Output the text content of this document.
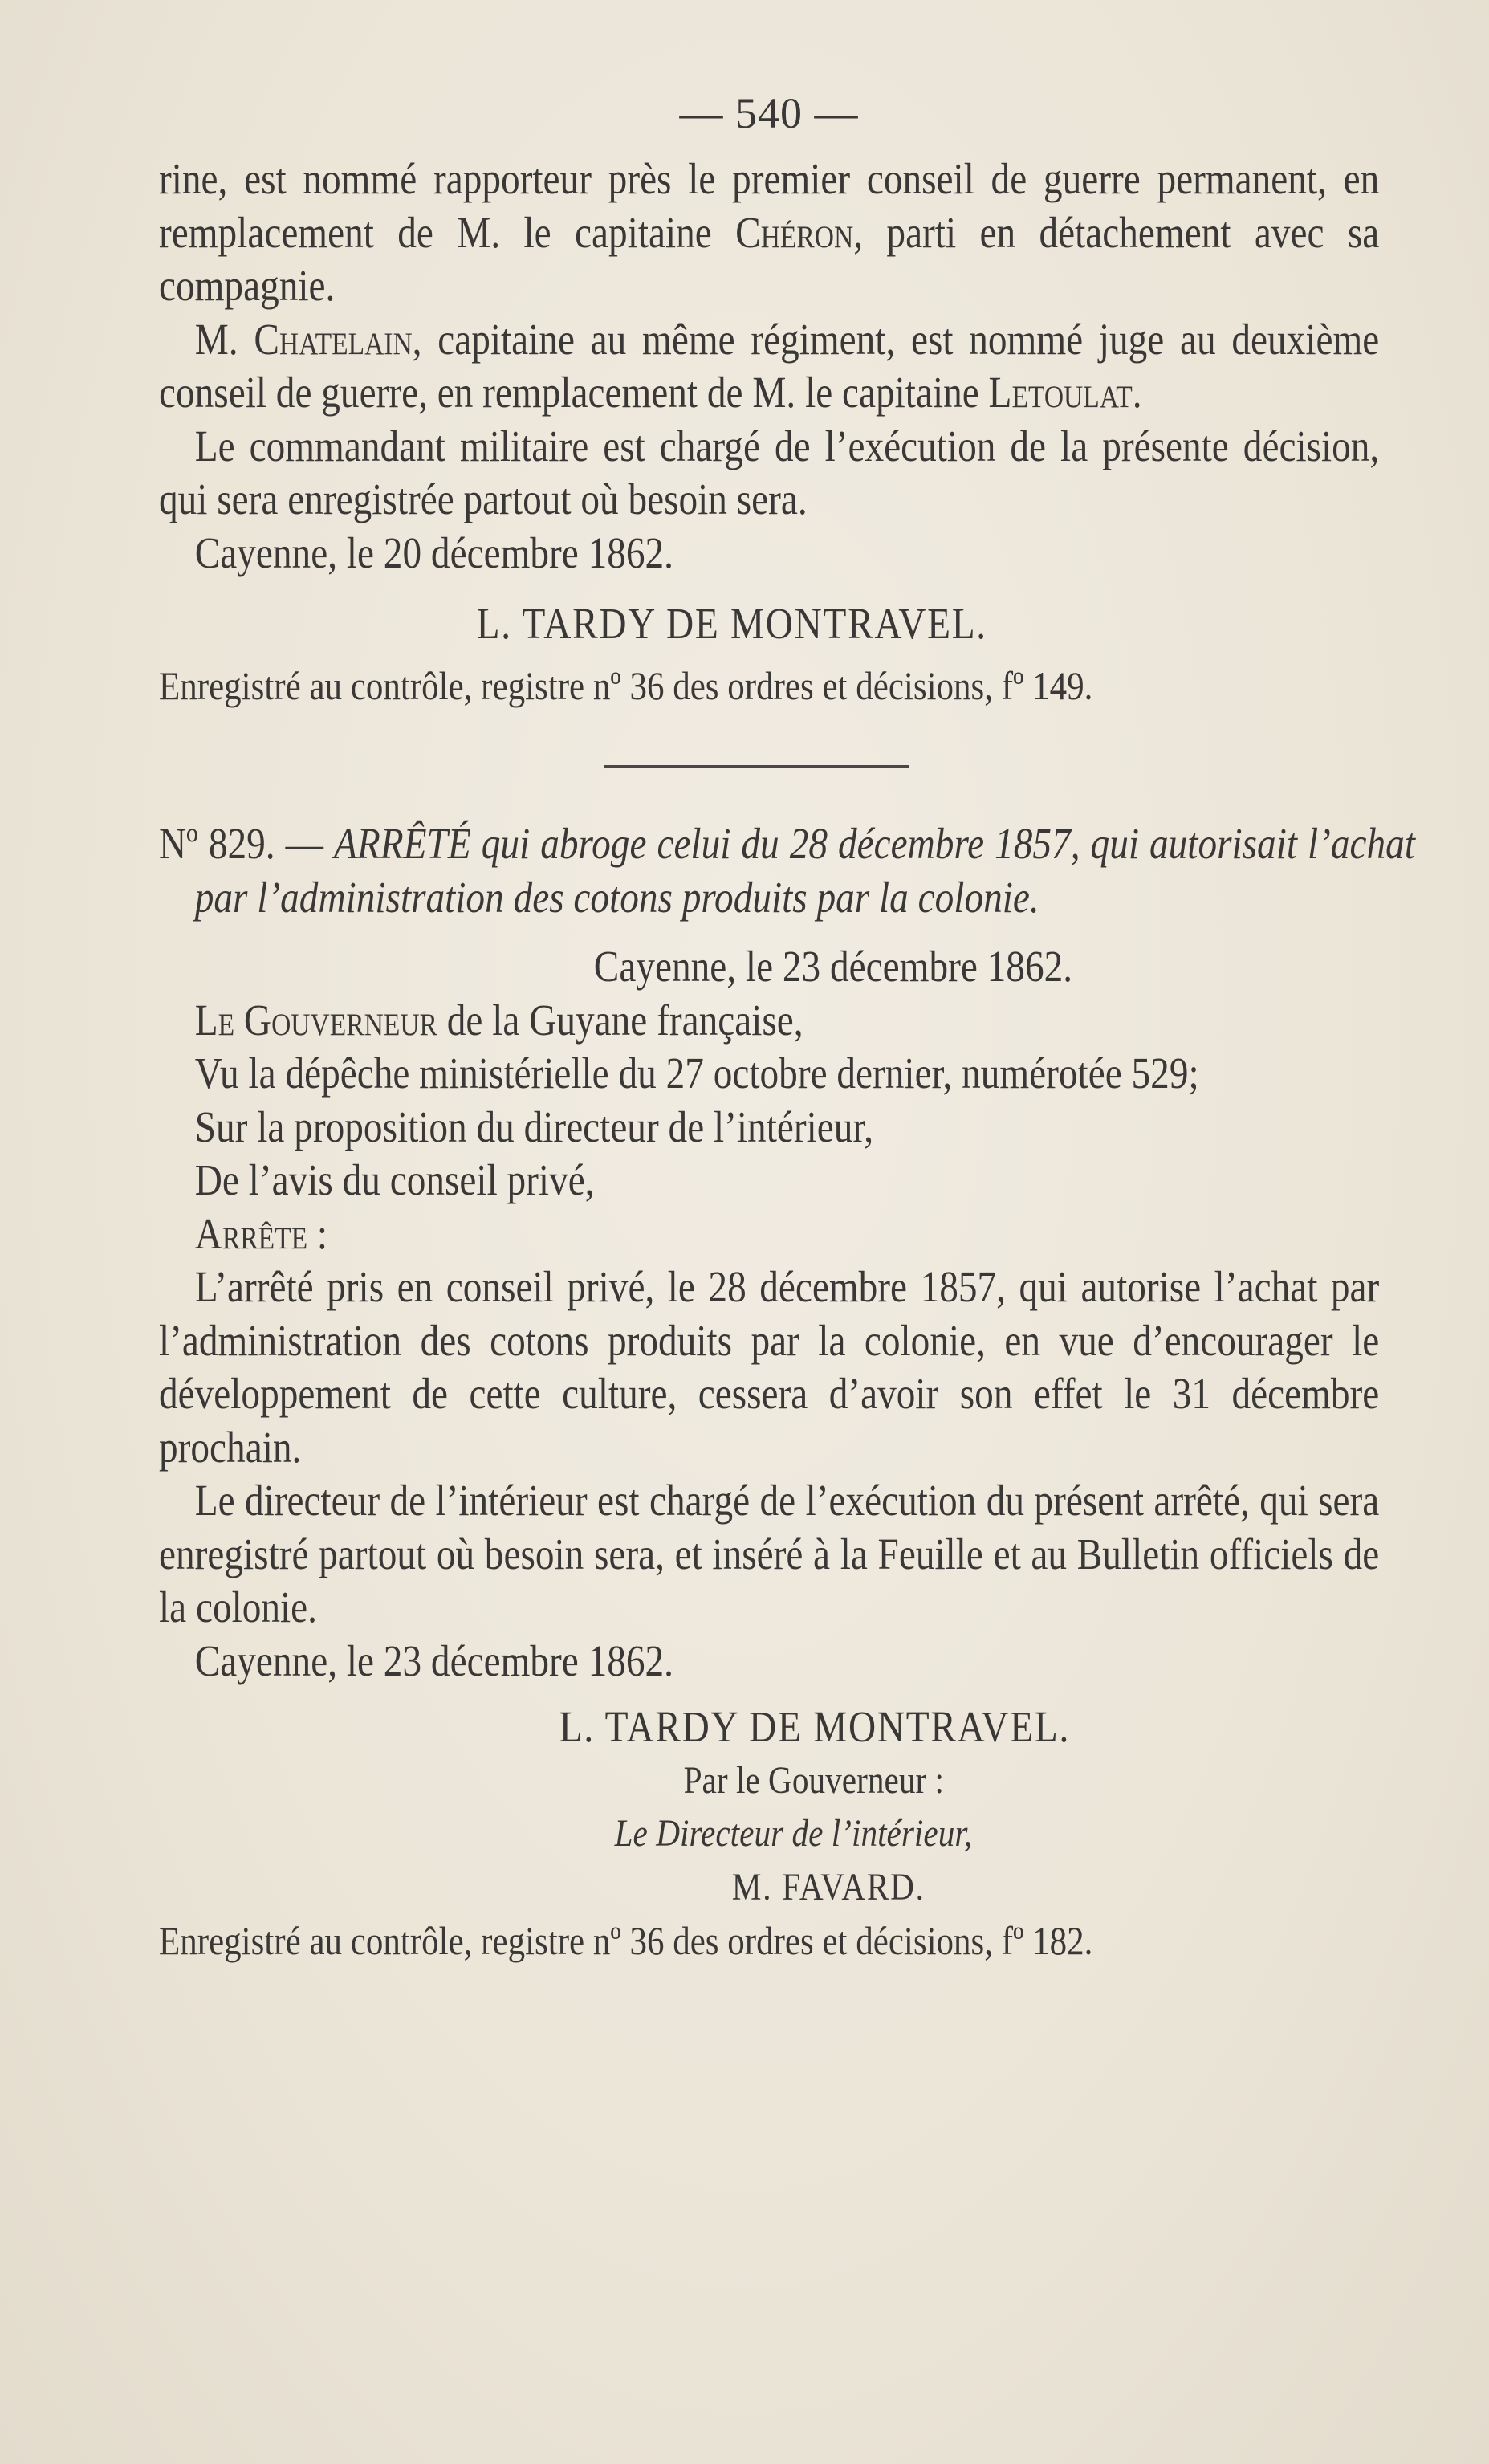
— 540 —

rine, est nommé rapporteur près le premier conseil de guerre permanent, en remplacement de M. le capitaine Chéron, parti en détachement avec sa compagnie.

M. Chatelain, capitaine au même régiment, est nommé juge au deuxième conseil de guerre, en remplacement de M. le capitaine Letoulat.

Le commandant militaire est chargé de l’exécution de la présente décision, qui sera enregistrée partout où besoin sera.

Cayenne, le 20 décembre 1862.

L. TARDY DE MONTRAVEL.

Enregistré au contrôle, registre nº 36 des ordres et décisions, fº 149.

Nº 829. — ARRÊTÉ qui abroge celui du 28 décembre 1857, qui autorisait l’achat par l’administration des cotons produits par la colonie.

Cayenne, le 23 décembre 1862.

Le Gouverneur de la Guyane française,

Vu la dépêche ministérielle du 27 octobre dernier, numérotée 529;

Sur la proposition du directeur de l’intérieur,

De l’avis du conseil privé,

Arrête :

L’arrêté pris en conseil privé, le 28 décembre 1857, qui autorise l’achat par l’administration des cotons produits par la colonie, en vue d’encourager le développement de cette culture, cessera d’avoir son effet le 31 décembre prochain.

Le directeur de l’intérieur est chargé de l’exécution du présent arrêté, qui sera enregistré partout où besoin sera, et inséré à la Feuille et au Bulletin officiels de la colonie.

Cayenne, le 23 décembre 1862.

L. TARDY DE MONTRAVEL.

Par le Gouverneur :

Le Directeur de l’intérieur,

M. FAVARD.

Enregistré au contrôle, registre nº 36 des ordres et décisions, fº 182.
